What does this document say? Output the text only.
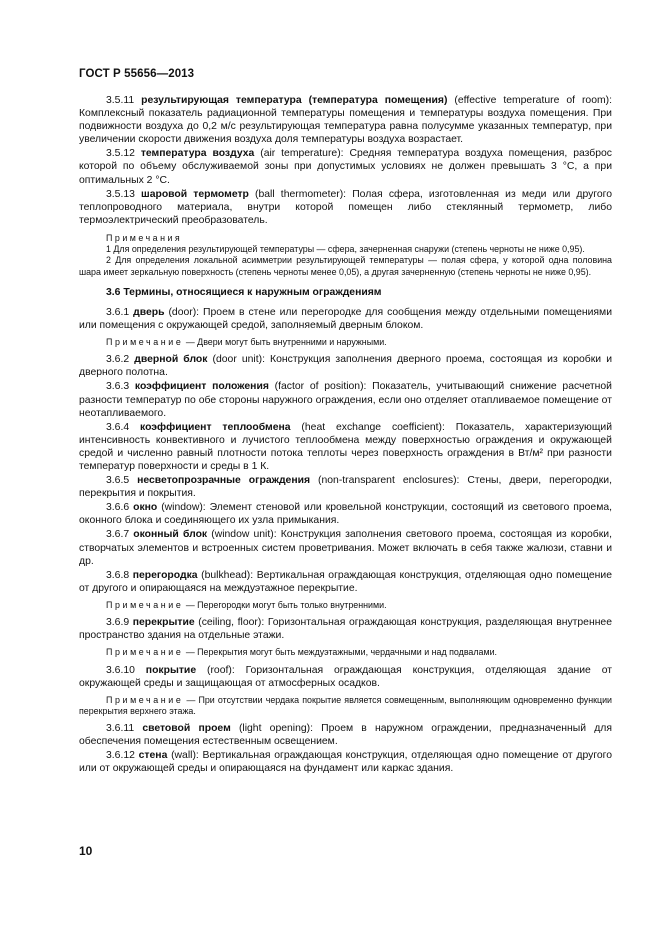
ГОСТ Р 55656—2013
3.5.11 результирующая температура (температура помещения) (effective temperature of room): Комплексный показатель радиационной температуры помещения и температуры воздуха помещения. При подвижности воздуха до 0,2 м/с результирующая температура равна полусумме указанных температур, при увеличении скорости движения воздуха доля температуры воздуха возрастает.
3.5.12 температура воздуха (air temperature): Средняя температура воздуха помещения, разброс которой по объему обслуживаемой зоны при допустимых условиях не должен превышать 3 °С, а при оптимальных 2 °С.
3.5.13 шаровой термометр (ball thermometer): Полая сфера, изготовленная из меди или другого теплопроводного материала, внутри которой помещен либо стеклянный термометр, либо термоэлектрический преобразователь.
Примечания
1 Для определения результирующей температуры — сфера, зачерненная снаружи (степень черноты не ниже 0,95).
2 Для определения локальной асимметрии результирующей температуры — полая сфера, у которой одна половина шара имеет зеркальную поверхность (степень черноты менее 0,05), а другая зачерненную (степень черноты не ниже 0,95).
3.6 Термины, относящиеся к наружным ограждениям
3.6.1 дверь (door): Проем в стене или перегородке для сообщения между отдельными помещениями или помещения с окружающей средой, заполняемый дверным блоком.
Примечание — Двери могут быть внутренними и наружными.
3.6.2 дверной блок (door unit): Конструкция заполнения дверного проема, состоящая из коробки и дверного полотна.
3.6.3 коэффициент положения (factor of position): Показатель, учитывающий снижение расчетной разности температур по обе стороны наружного ограждения, если оно отделяет отапливаемое помещение от неотапливаемого.
3.6.4 коэффициент теплообмена (heat exchange coefficient): Показатель, характеризующий интенсивность конвективного и лучистого теплообмена между поверхностью ограждения и окружающей средой и численно равный плотности потока теплоты через поверхность ограждения в Вт/м² при разности температур поверхности и среды в 1 К.
3.6.5 несветопрозрачные ограждения (non-transparent enclosures): Стены, двери, перегородки, перекрытия и покрытия.
3.6.6 окно (window): Элемент стеновой или кровельной конструкции, состоящий из светового проема, оконного блока и соединяющего их узла примыкания.
3.6.7 оконный блок (window unit): Конструкция заполнения светового проема, состоящая из коробки, створчатых элементов и встроенных систем проветривания. Может включать в себя также жалюзи, ставни и др.
3.6.8 перегородка (bulkhead): Вертикальная ограждающая конструкция, отделяющая одно помещение от другого и опирающаяся на междуэтажное перекрытие.
Примечание — Перегородки могут быть только внутренними.
3.6.9 перекрытие (ceiling, floor): Горизонтальная ограждающая конструкция, разделяющая внутреннее пространство здания на отдельные этажи.
Примечание — Перекрытия могут быть междуэтажными, чердачными и над подвалами.
3.6.10 покрытие (roof): Горизонтальная ограждающая конструкция, отделяющая здание от окружающей среды и защищающая от атмосферных осадков.
Примечание — При отсутствии чердака покрытие является совмещенным, выполняющим одновременно функции перекрытия верхнего этажа.
3.6.11 световой проем (light opening): Проем в наружном ограждении, предназначенный для обеспечения помещения естественным освещением.
3.6.12 стена (wall): Вертикальная ограждающая конструкция, отделяющая одно помещение от другого или от окружающей среды и опирающаяся на фундамент или каркас здания.
10
